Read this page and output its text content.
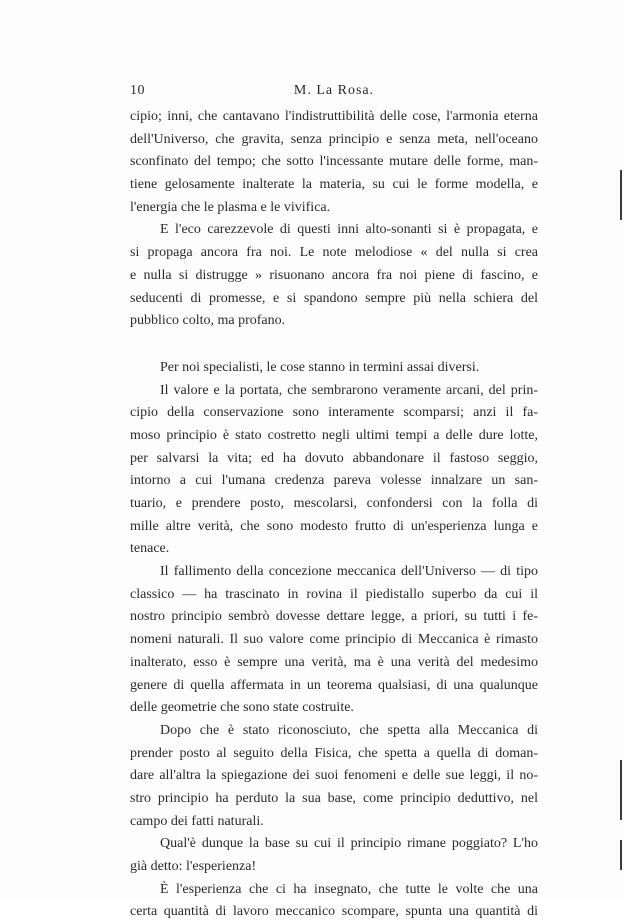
10	M. La Rosa.
cipio; inni, che cantavano l'indistruttibilità delle cose, l'armonia eterna
dell'Universo, che gravita, senza principio e senza meta, nell'oceano
sconfinato del tempo; che sotto l'incessante mutare delle forme, man-
tiene gelosamente inalterate la materia, su cui le forme modella, e
l'energia che le plasma e le vivifica.
E l'eco carezzevole di questi inni alto-sonanti si è propagata, e
si propaga ancora fra noi. Le note melodiose « del nulla si crea
e nulla si distrugge » risuonano ancora fra noi piene di fascino, e
seducenti di promesse, e si spandono sempre più nella schiera del
pubblico colto, ma profano.
Per noi specialisti, le cose stanno in termini assai diversi.
Il valore e la portata, che sembrarono veramente arcani, del prin-
cipio della conservazione sono interamente scomparsi; anzi il fa-
moso principio è stato costretto negli ultimi tempi a delle dure lotte,
per salvarsi la vita; ed ha dovuto abbandonare il fastoso seggio,
intorno a cui l'umana credenza pareva volesse innalzare un san-
tuario, e prendere posto, mescolarsi, confondersi con la folla di
mille altre verità, che sono modesto frutto di un'esperienza lunga e
tenace.
Il fallimento della concezione meccanica dell'Universo — di tipo
classico — ha trascinato in rovina il piedistallo superbo da cui il
nostro principio sembrò dovesse dettare legge, a priori, su tutti i fe-
nomeni naturali. Il suo valore come principio di Meccanica è rimasto
inalterato, esso è sempre una verità, ma è una verità del medesimo
genere di quella affermata in un teorema qualsiasi, di una qualunque
delle geometrie che sono state costruite.
Dopo che è stato riconosciuto, che spetta alla Meccanica di
prender posto al seguito della Fisica, che spetta a quella di doman-
dare all'altra la spiegazione dei suoi fenomeni e delle sue leggi, il no-
stro principio ha perduto la sua base, come principio deduttivo, nel
campo dei fatti naturali.
Qual'è dunque la base su cui il principio rimane poggiato? L'ho
già detto: l'esperienza!
È l'esperienza che ci ha insegnato, che tutte le volte che una
certa quantità di lavoro meccanico scompare, spunta una quantità di
